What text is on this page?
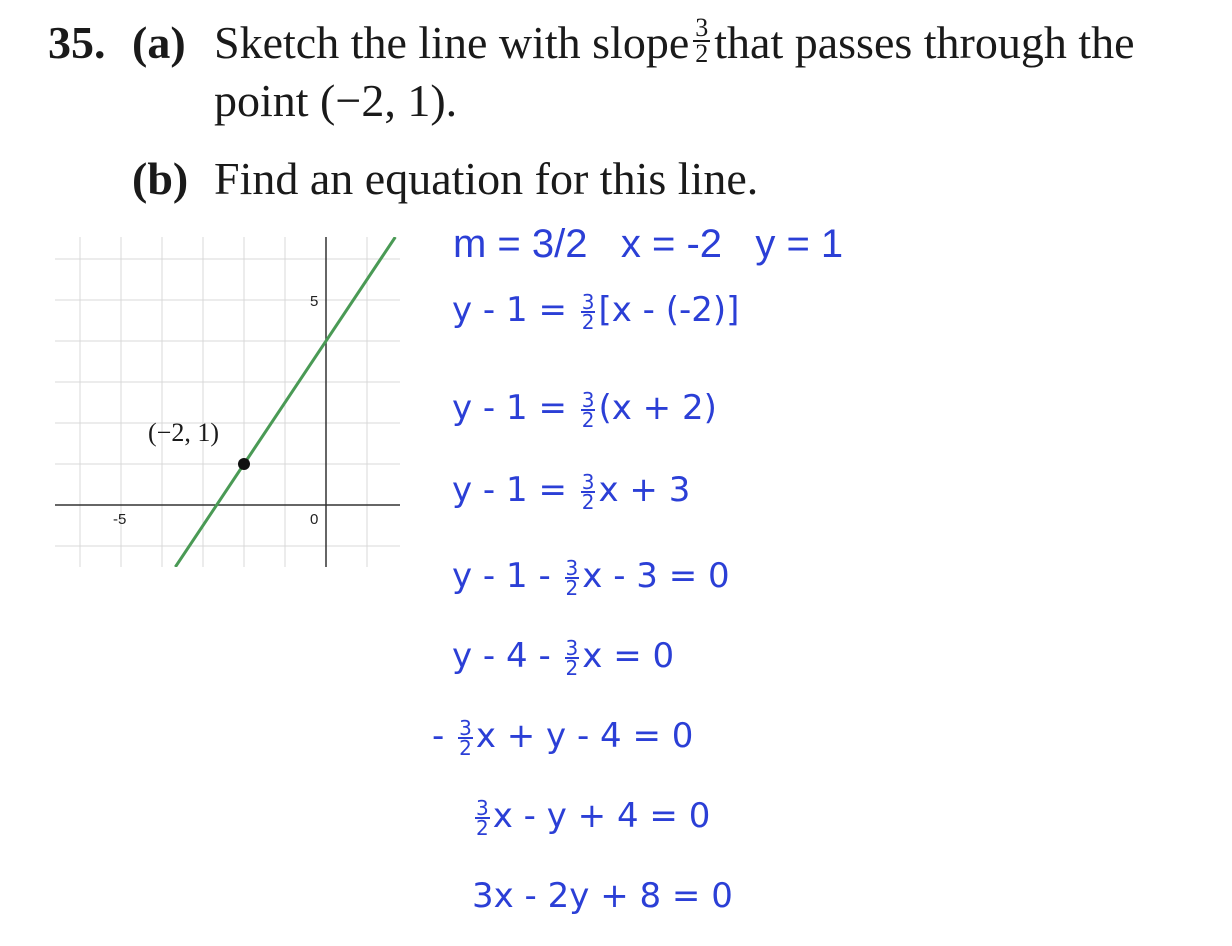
35. (a) Sketch the line with slope $\frac{3}{2}$ that passes through the
point (−2, 1).
(b) Find an equation for this line.
-5	0
5
(−2, 1)
m = 3/2   x = -2   y = 1
$y - 1 = \frac{3}{2} [x - (-2)]$
$y - 1 = \frac{3}{2} (x + 2)$
$y - 1 = \frac{3}{2}$ x + 3
y - $1 - \frac{3}{2}$ x - 3 = 0
y - $4 - \frac{3}{2}$ x = 0
- $\frac{3}{2}$ x + y - 4 = 0
$\frac{3}{2}$ x - y + 4 = 0
3x - 2y + 8 = 0
